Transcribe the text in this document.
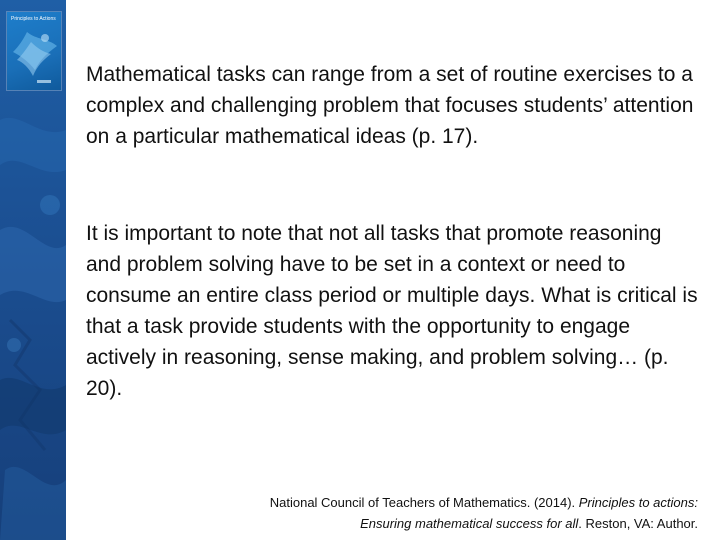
Principles to Actions
Mathematical tasks can range from a set of routine exercises to a complex and challenging problem that focuses students’ attention on a particular mathematical ideas (p. 17).
It is important to note that not all tasks that promote reasoning and problem solving have to be set in a context or need to consume an entire class period or multiple days. What is critical is that a task provide students with the opportunity to engage actively in reasoning, sense making, and problem solving… (p. 20).
National Council of Teachers of Mathematics. (2014). Principles to actions:
Ensuring mathematical success for all. Reston, VA: Author.
